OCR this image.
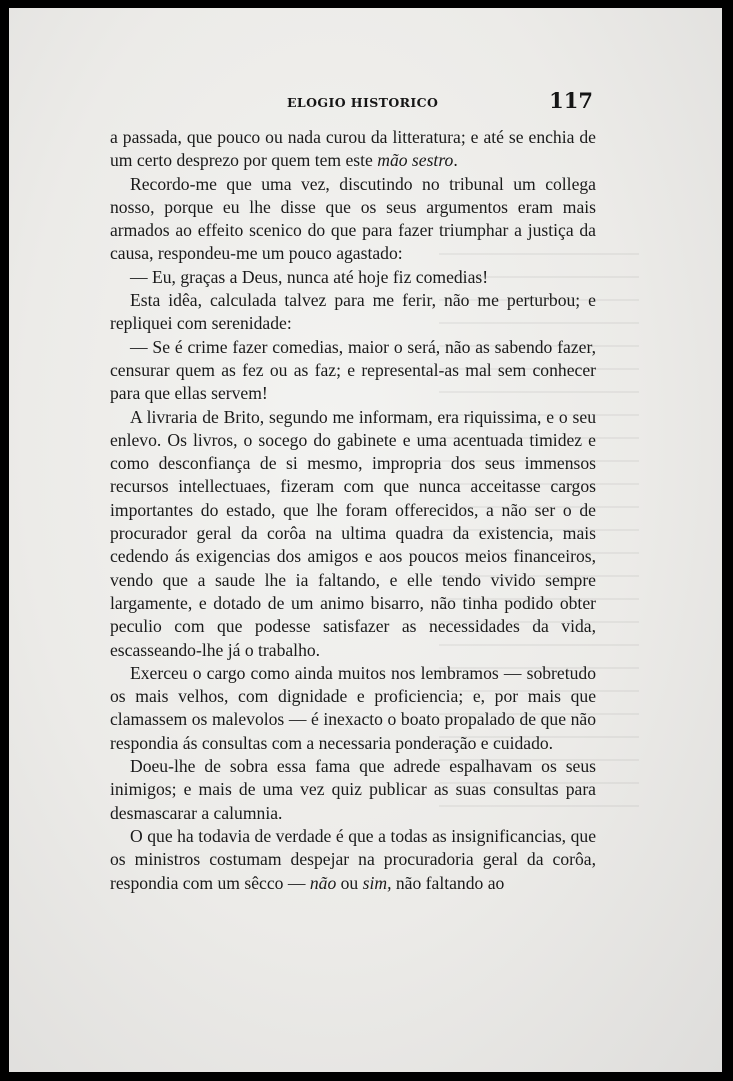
ELOGIO HISTORICO	117

a passada, que pouco ou nada curou da litteratura; e até se enchia de um certo desprezo por quem tem este mão sestro.

Recordo-me que uma vez, discutindo no tribunal um collega nosso, porque eu lhe disse que os seus argumentos eram mais armados ao effeito scenico do que para fazer triumphar a justiça da causa, respondeu-me um pouco agastado:

— Eu, graças a Deus, nunca até hoje fiz comedias!

Esta idêa, calculada talvez para me ferir, não me perturbou; e repliquei com serenidade:

— Se é crime fazer comedias, maior o será, não as sabendo fazer, censurar quem as fez ou as faz; e represental-as mal sem conhecer para que ellas servem!

A livraria de Brito, segundo me informam, era riquissima, e o seu enlevo. Os livros, o socego do gabinete e uma acentuada timidez e como desconfiança de si mesmo, impropria dos seus immensos recursos intellectuaes, fizeram com que nunca acceitasse cargos importantes do estado, que lhe foram offerecidos, a não ser o de procurador geral da corôa na ultima quadra da existencia, mais cedendo ás exigencias dos amigos e aos poucos meios financeiros, vendo que a saude lhe ia faltando, e elle tendo vivido sempre largamente, e dotado de um animo bisarro, não tinha podido obter peculio com que podesse satisfazer as necessidades da vida, escasseando-lhe já o trabalho.

Exerceu o cargo como ainda muitos nos lembramos — sobretudo os mais velhos, com dignidade e proficiencia; e, por mais que clamassem os malevolos — é inexacto o boato propalado de que não respondia ás consultas com a necessaria ponderação e cuidado.

Doeu-lhe de sobra essa fama que adrede espalhavam os seus inimigos; e mais de uma vez quiz publicar as suas consultas para desmascarar a calumnia.

O que ha todavia de verdade é que a todas as insignificancias, que os ministros costumam despejar na procuradoria geral da corôa, respondia com um sêcco — não ou sim, não faltando ao
